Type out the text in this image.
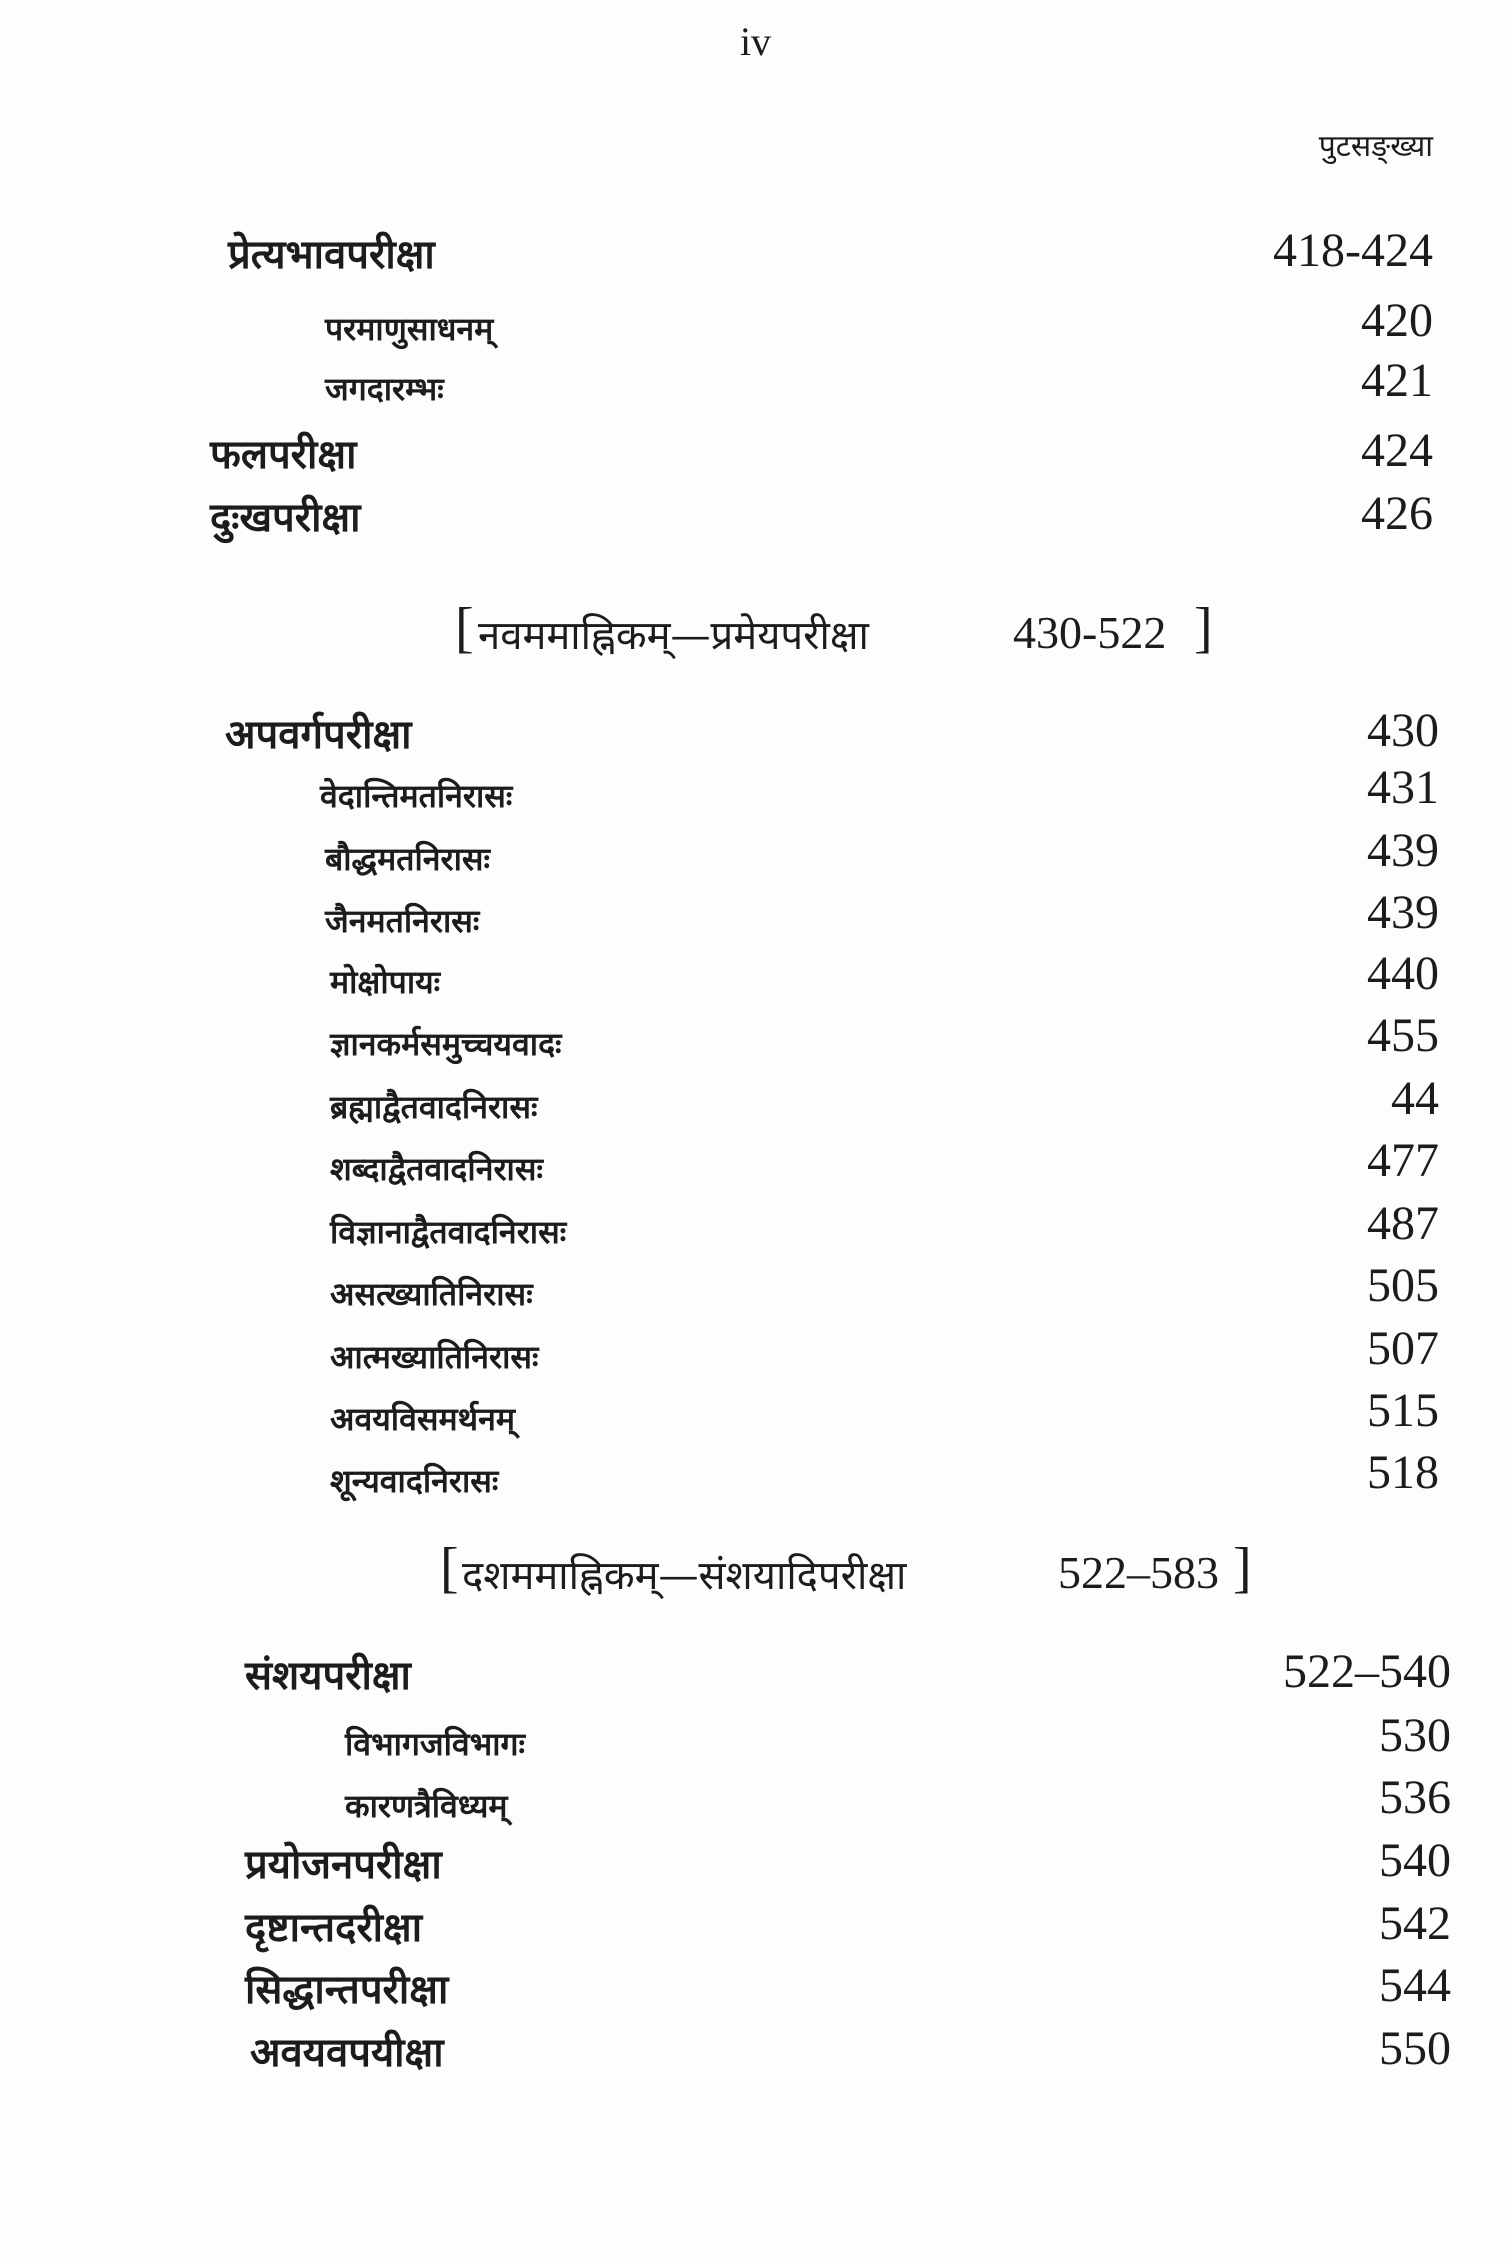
iv
पुटसङ्ख्या
प्रेत्यभावपरीक्षा	418-424
परमाणुसाधनम्	420
जगदारम्भः	421
फलपरीक्षा	424
दुःखपरीक्षा	426
[ नवममाह्निकम्—प्रमेयपरीक्षा	430-522 ]
अपवर्गपरीक्षा	430
वेदान्तिमतनिरासः	431
बौद्धमतनिरासः	439
जैनमतनिरासः	439
मोक्षोपायः	440
ज्ञानकर्मसमुच्चयवादः	455
ब्रह्माद्वैतवादनिरासः	44
शब्दाद्वैतवादनिरासः	477
विज्ञानाद्वैतवादनिरासः	487
असत्ख्यातिनिरासः	505
आत्मख्यातिनिरासः	507
अवयविसमर्थनम्	515
शून्यवादनिरासः	518
[ दशममाह्निकम्—संशयादिपरीक्षा	522–583 ]
संशयपरीक्षा	522–540
विभागजविभागः	530
कारणत्रैविध्यम्	536
प्रयोजनपरीक्षा	540
दृष्टान्तदरीक्षा	542
सिद्धान्तपरीक्षा	544
अवयवपयीक्षा	550
